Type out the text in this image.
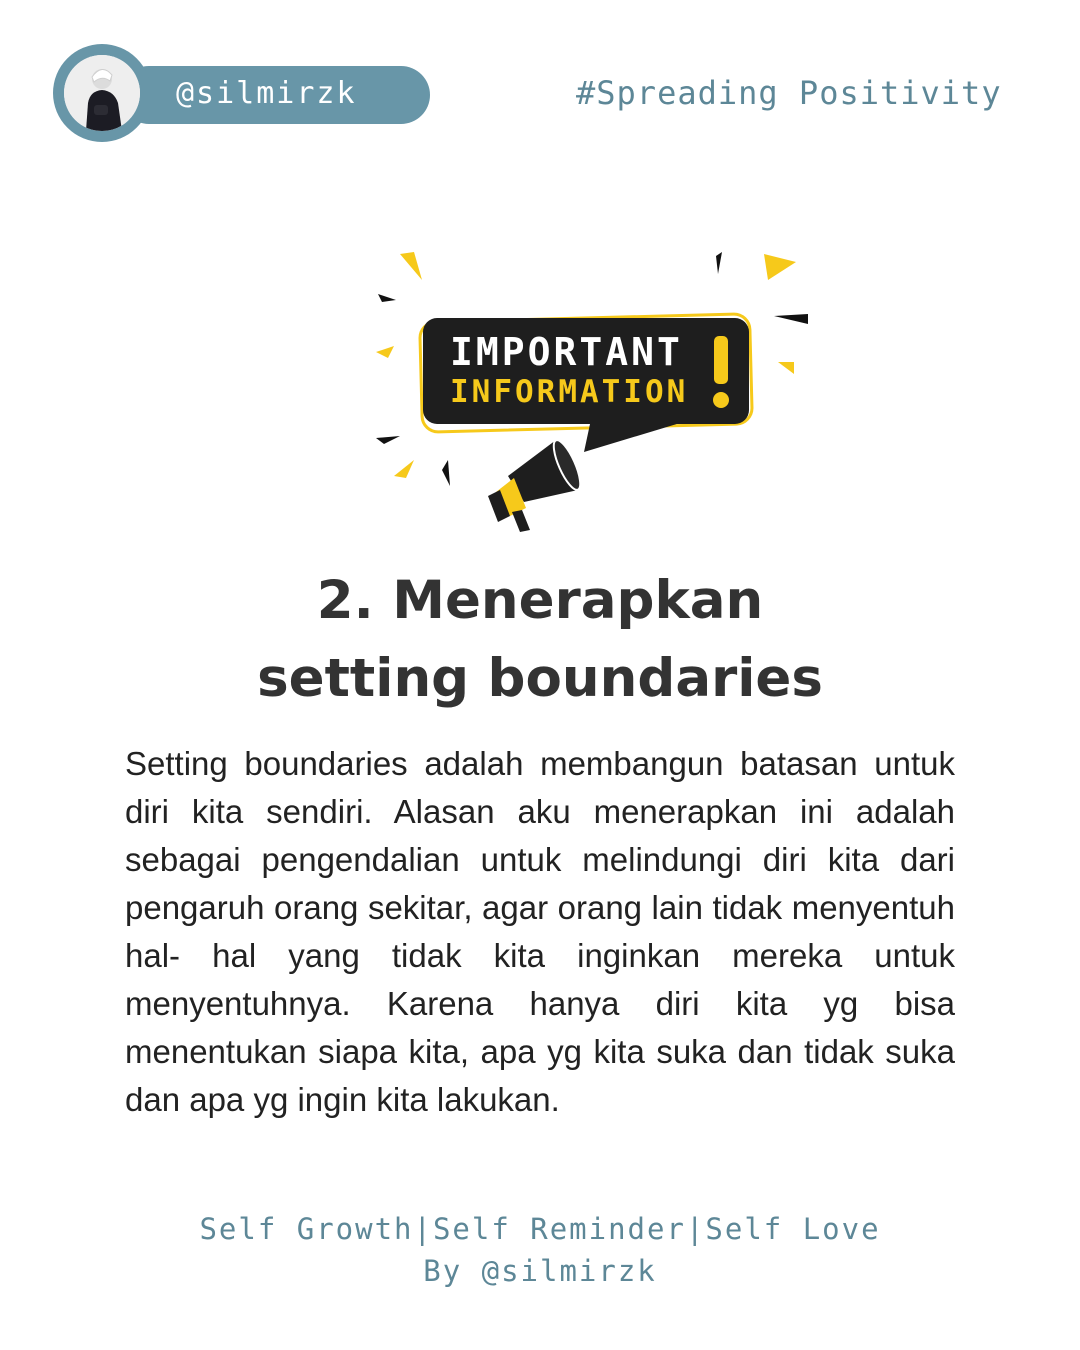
@silmirzk	#Spreading Positivity
IMPORTANT
INFORMATION
2. Menerapkan
setting boundaries
Setting boundaries adalah membangun batasan untuk diri kita sendiri. Alasan aku menerapkan ini adalah sebagai pengendalian untuk melindungi diri kita dari pengaruh orang sekitar, agar orang lain tidak menyentuh hal- hal yang tidak kita inginkan mereka untuk menyentuhnya. Karena hanya diri kita yg bisa menentukan siapa kita, apa yg kita suka dan tidak suka dan apa yg ingin kita lakukan.
Self Growth|Self Reminder|Self Love
By @silmirzk
